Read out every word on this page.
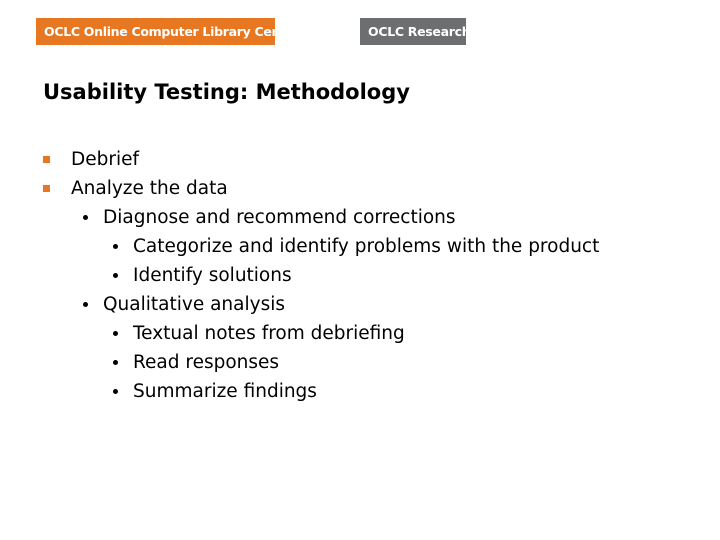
OCLC Online Computer Library Center	OCLC Research
Usability Testing: Methodology
Debrief
Analyze the data
Diagnose and recommend corrections
Categorize and identify problems with the product
Identify solutions
Qualitative analysis
Textual notes from debriefing
Read responses
Summarize findings
